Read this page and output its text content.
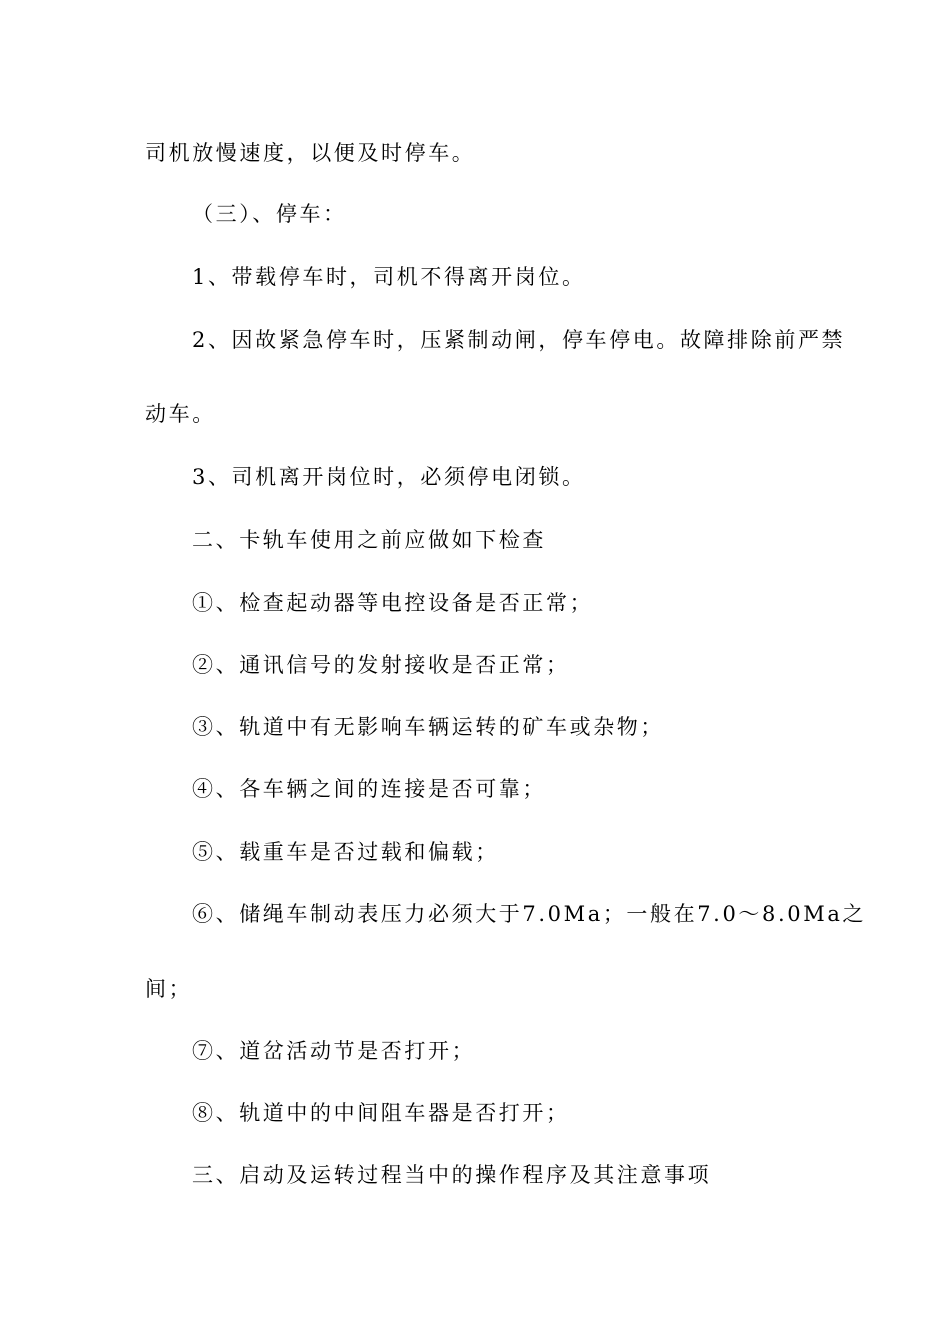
司机放慢速度，以便及时停车。
（三）、停车：
1、带载停车时，司机不得离开岗位。
2、因故紧急停车时，压紧制动闸，停车停电。故障排除前严禁
动车。
3、司机离开岗位时，必须停电闭锁。
二、卡轨车使用之前应做如下检查
①、检查起动器等电控设备是否正常；
②、通讯信号的发射接收是否正常；
③、轨道中有无影响车辆运转的矿车或杂物；
④、各车辆之间的连接是否可靠；
⑤、载重车是否过载和偏载；
⑥、储绳车制动表压力必须大于7.0Ma；一般在7.0～8.0Ma之
间；
⑦、道岔活动节是否打开；
⑧、轨道中的中间阻车器是否打开；
三、启动及运转过程当中的操作程序及其注意事项
